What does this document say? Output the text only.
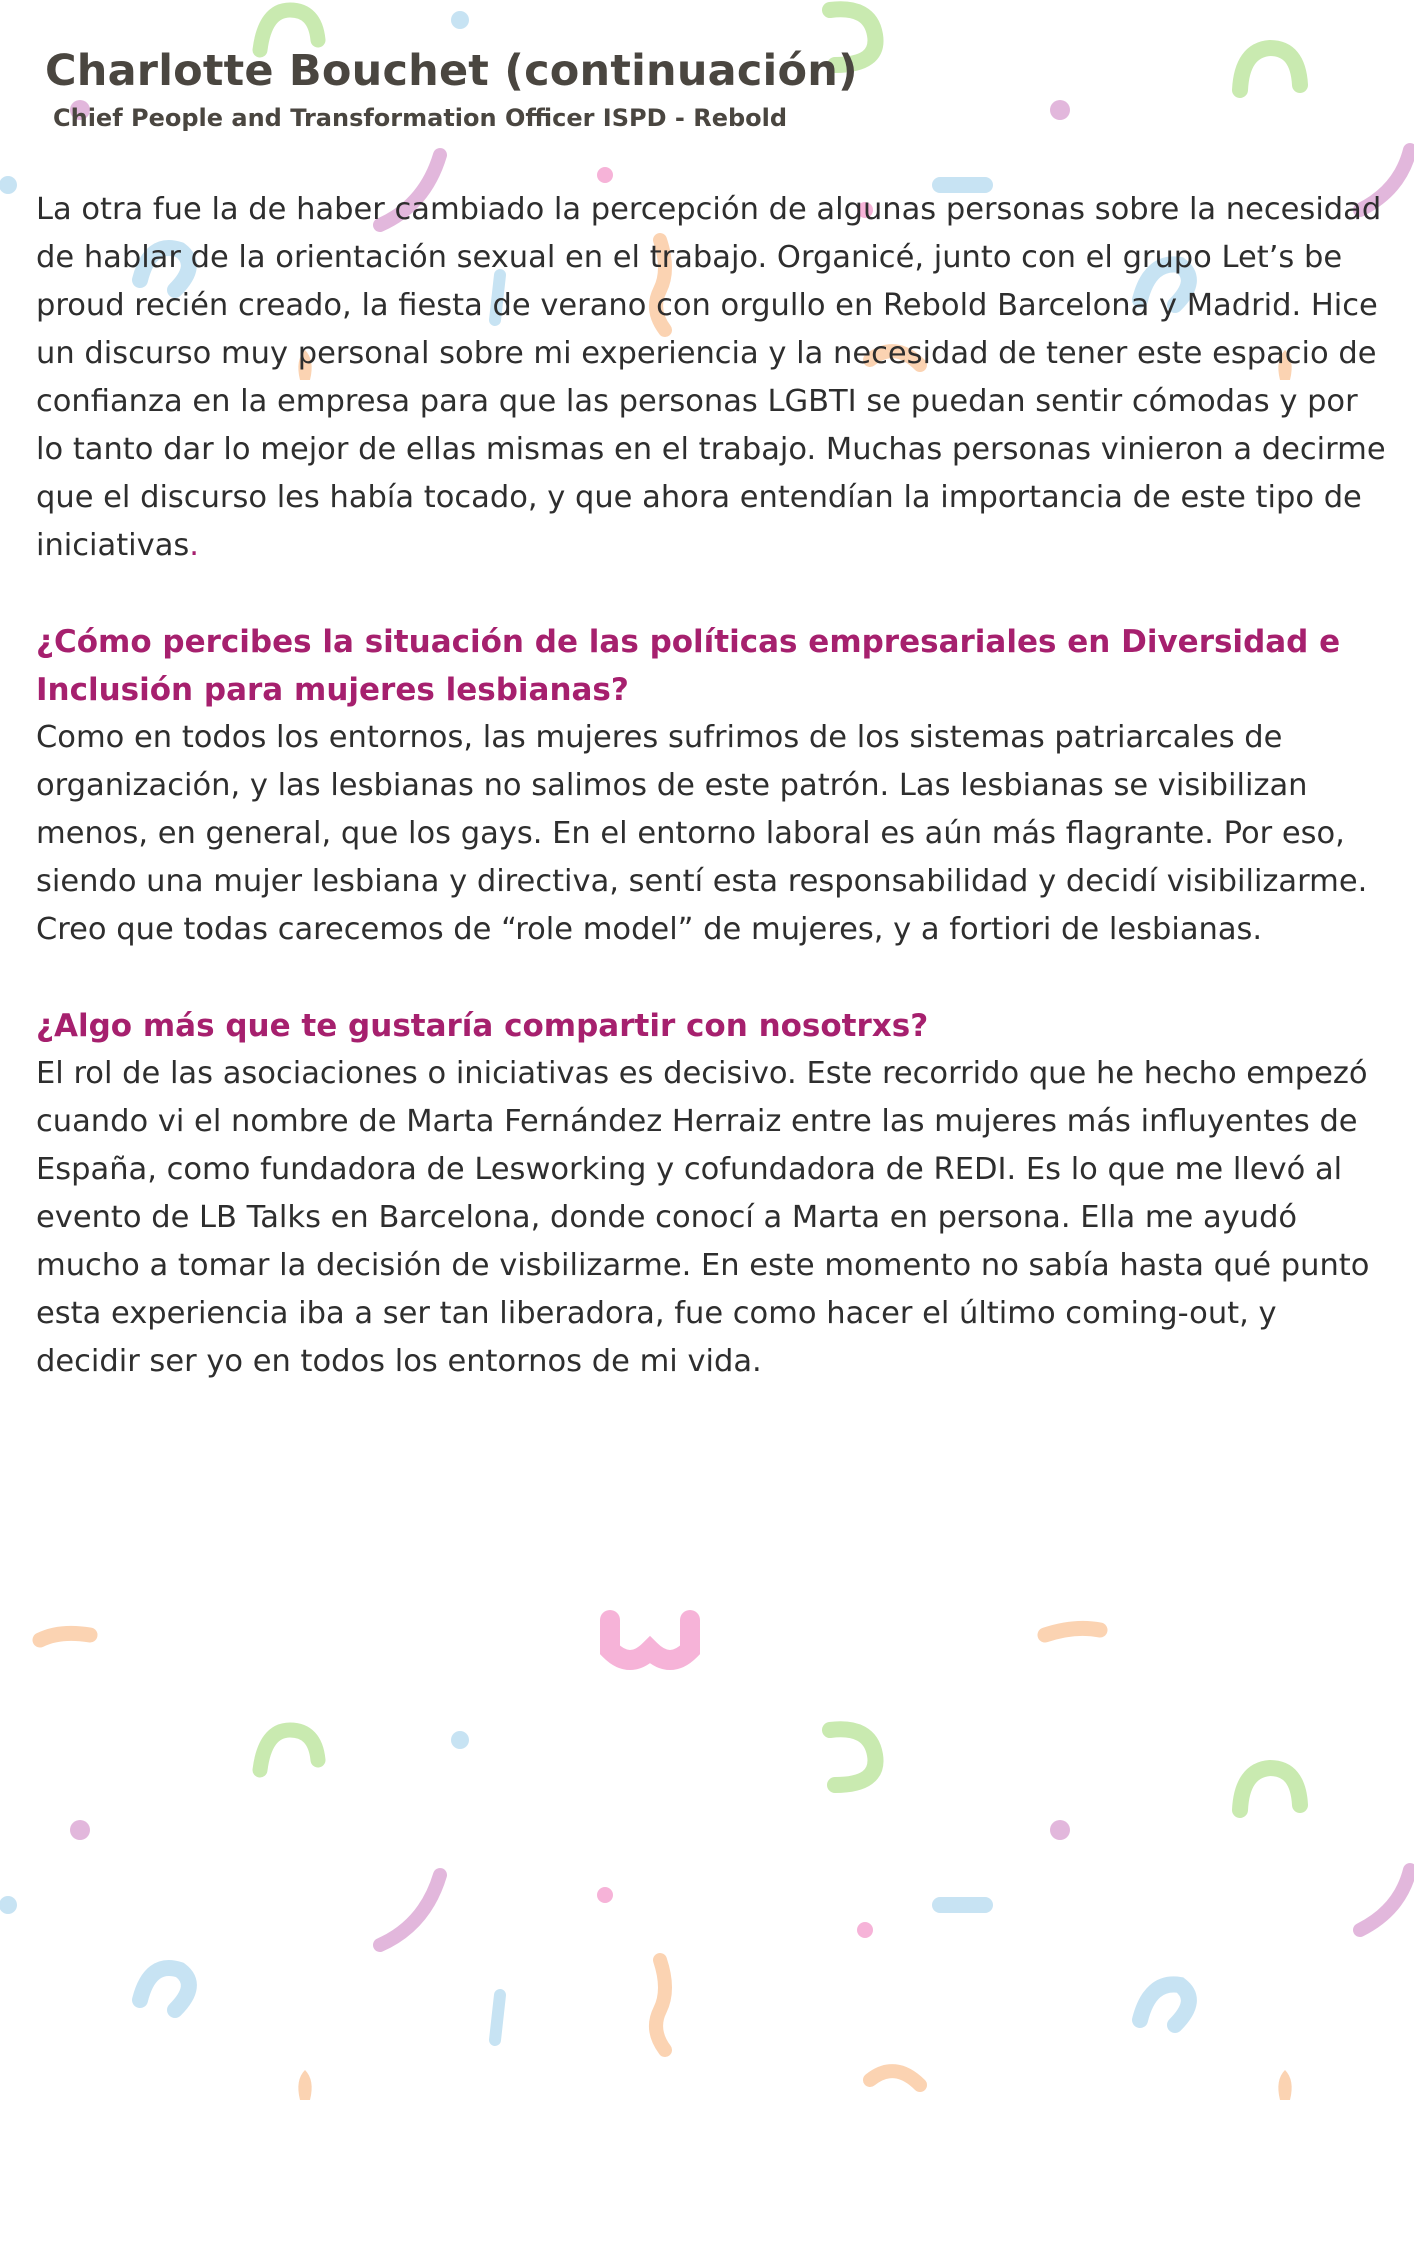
Charlotte Bouchet (continuación)
Chief People and Transformation Officer ISPD - Rebold

La otra fue la de haber cambiado la percepción de algunas personas sobre la necesidad de hablar de la orientación sexual en el trabajo. Organicé, junto con el grupo Let’s be proud recién creado, la fiesta de verano con orgullo en Rebold Barcelona y Madrid. Hice un discurso muy personal sobre mi experiencia y la necesidad de tener este espacio de confianza en la empresa para que las personas LGBTI se puedan sentir cómodas y por lo tanto dar lo mejor de ellas mismas en el trabajo. Muchas personas vinieron a decirme que el discurso les había tocado, y que ahora entendían la importancia de este tipo de iniciativas.

¿Cómo percibes la situación de las políticas empresariales en Diversidad e Inclusión para mujeres lesbianas?

Como en todos los entornos, las mujeres sufrimos de los sistemas patriarcales de organización, y las lesbianas no salimos de este patrón. Las lesbianas se visibilizan menos, en general, que los gays. En el entorno laboral es aún más flagrante. Por eso, siendo una mujer lesbiana y directiva, sentí esta responsabilidad y decidí visibilizarme. Creo que todas carecemos de “role model” de mujeres, y a fortiori de lesbianas.

¿Algo más que te gustaría compartir con nosotrxs?

El rol de las asociaciones o iniciativas es decisivo. Este recorrido que he hecho empezó cuando vi el nombre de Marta Fernández Herraiz entre las mujeres más influyentes de España, como fundadora de Lesworking y cofundadora de REDI. Es lo que me llevó al evento de LB Talks en Barcelona, donde conocí a Marta en persona. Ella me ayudó mucho a tomar la decisión de visbilizarme. En este momento no sabía hasta qué punto esta experiencia iba a ser tan liberadora, fue como hacer el último coming-out, y decidir ser yo en todos los entornos de mi vida.
